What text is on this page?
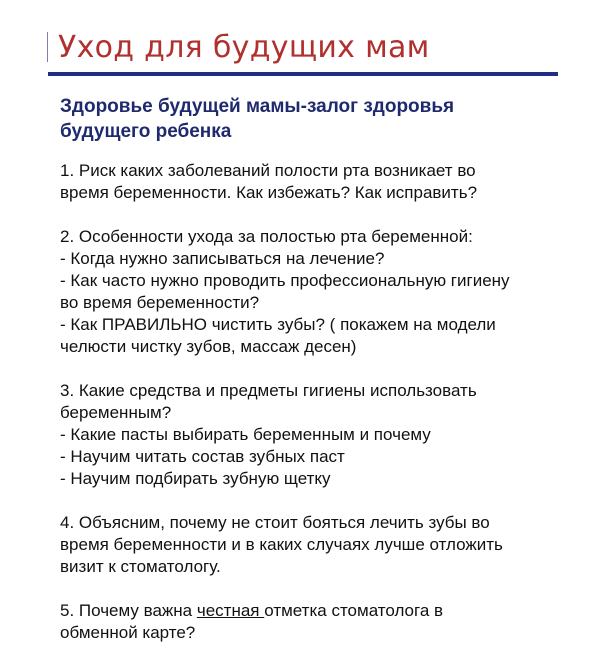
Уход для будущих мам
Здоровье будущей мамы-залог здоровья
будущего ребенка

1. Риск каких заболеваний полости рта возникает во
время беременности. Как избежать? Как исправить?

2. Особенности ухода за полостью рта беременной:
- Когда нужно записываться на лечение?
- Как часто нужно проводить профессиональную гигиену
во время беременности?
- Как ПРАВИЛЬНО чистить зубы? ( покажем на модели
челюсти чистку зубов, массаж десен)

3. Какие средства и предметы гигиены использовать
беременным?
- Какие пасты выбирать беременным и почему
- Научим читать состав зубных паст
- Научим подбирать зубную щетку

4. Объясним, почему не стоит бояться лечить зубы во
время беременности и в каких случаях лучше отложить
визит к стоматологу.

5. Почему важна честная отметка стоматолога в
обменной карте?
